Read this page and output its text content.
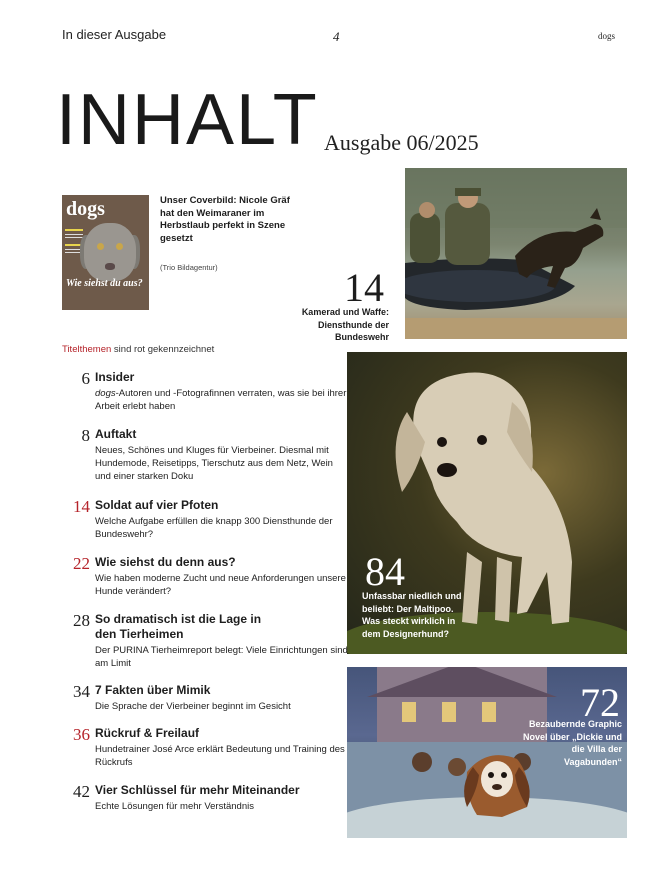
In dieser Ausgabe	4	dogs
INHALT Ausgabe 06/2025
dogs
Wie siehst du aus?
Unser Coverbild: Nicole Gräf hat den Weimaraner im Herbstlaub perfekt in Szene gesetzt
(Trio Bildagentur)	14
Kamerad und Waffe: Diensthunde der Bundeswehr
Titelthemen sind rot gekennzeichnet
84
Unfassbar niedlich und beliebt: Der Maltipoo. Was steckt wirklich in dem Designerhund?
72
Bezaubernde Graphic Novel über „Dickie und die Villa der Vagabunden“
6 Insider
dogs-Autoren und -Fotografinnen verraten, was sie bei ihrer Arbeit erlebt haben
8 Auftakt
Neues, Schönes und Kluges für Vierbeiner. Diesmal mit Hundemode, Reisetipps, Tierschutz aus dem Netz, Wein und einer starken Doku
14 Soldat auf vier Pfoten
Welche Aufgabe erfüllen die knapp 300 Diensthunde der Bundeswehr?
22 Wie siehst du denn aus?
Wie haben moderne Zucht und neue Anforderungen unsere Hunde verändert?
28 So dramatisch ist die Lage in den Tierheimen
Der PURINA Tierheimreport belegt: Viele Einrichtungen sind am Limit
34 7 Fakten über Mimik
Die Sprache der Vierbeiner beginnt im Gesicht
36 Rückruf & Freilauf
Hundetrainer José Arce erklärt Bedeutung und Training des Rückrufs
42 Vier Schlüssel für mehr Miteinander
Echte Lösungen für mehr Verständnis
